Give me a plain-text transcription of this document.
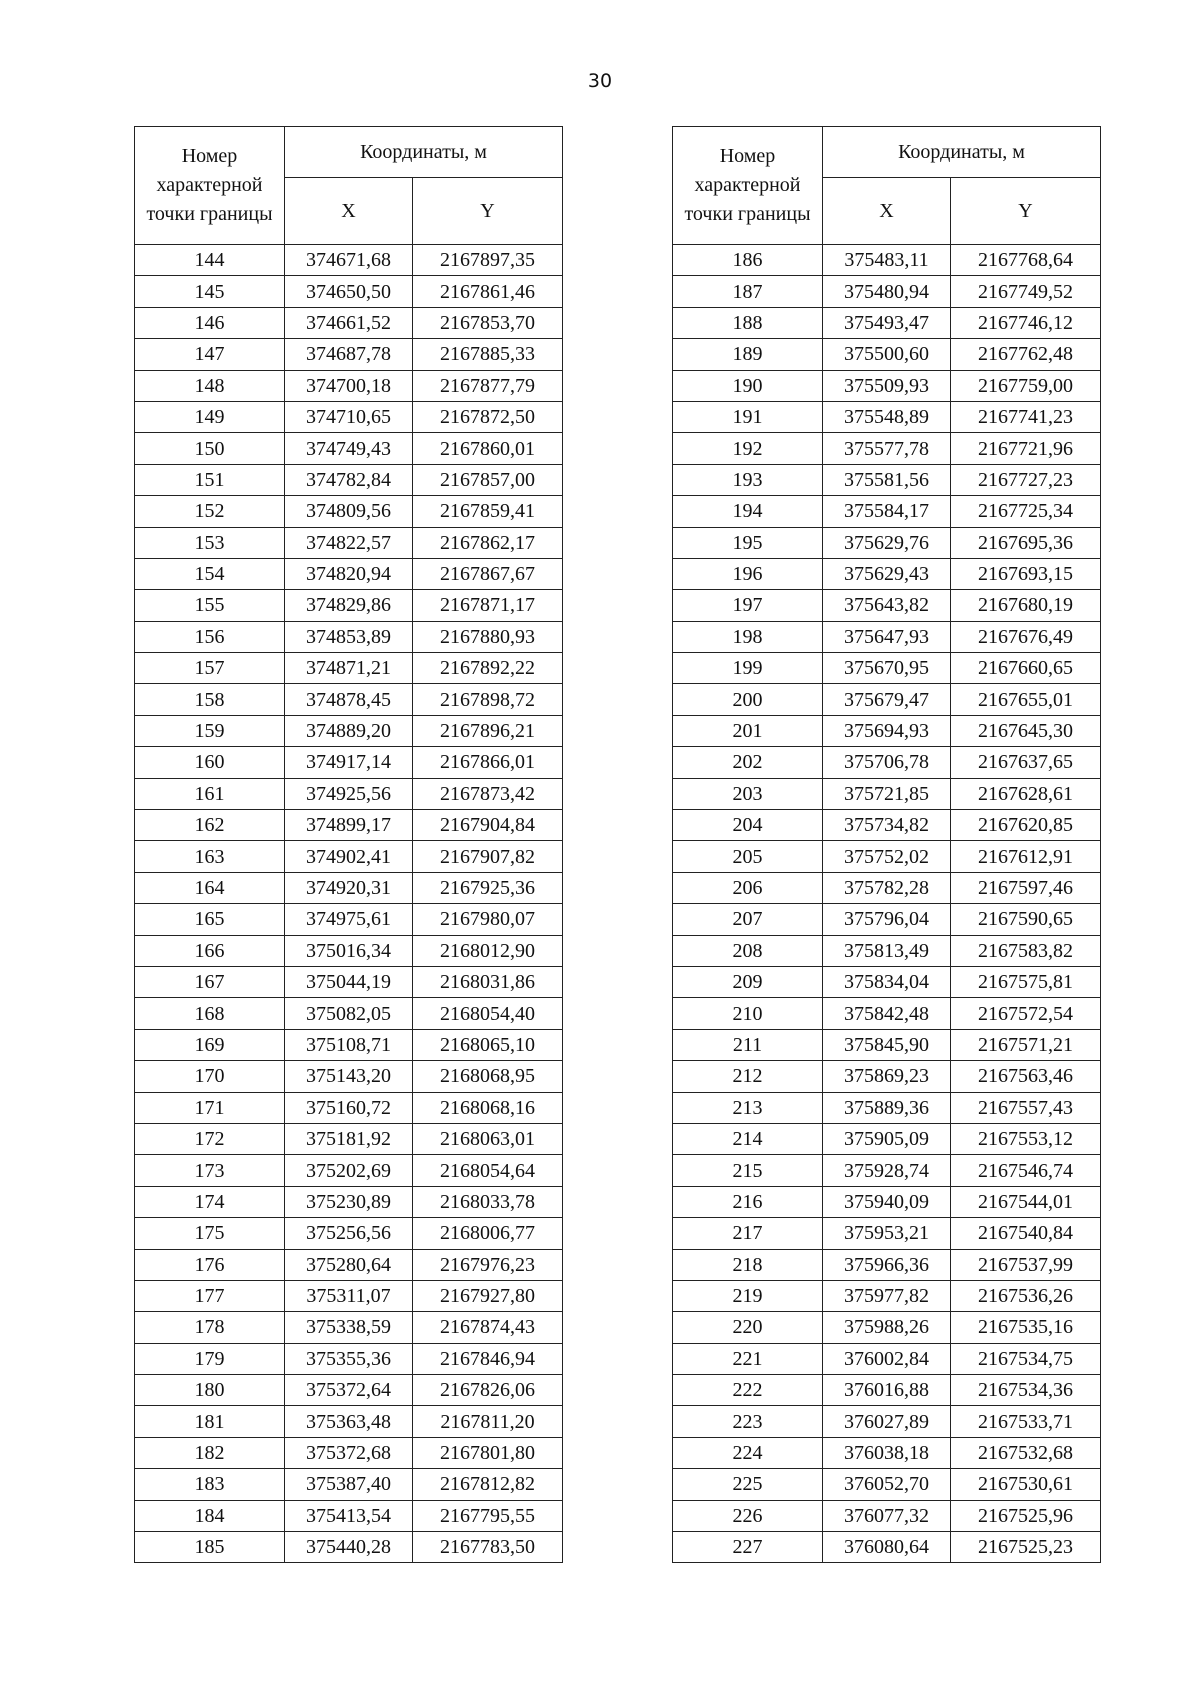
30
Номер характерной точки границы	Координаты, м	
	X	Y
144	374671,68	2167897,35
145	374650,50	2167861,46
146	374661,52	2167853,70
147	374687,78	2167885,33
148	374700,18	2167877,79
149	374710,65	2167872,50
150	374749,43	2167860,01
151	374782,84	2167857,00
152	374809,56	2167859,41
153	374822,57	2167862,17
154	374820,94	2167867,67
155	374829,86	2167871,17
156	374853,89	2167880,93
157	374871,21	2167892,22
158	374878,45	2167898,72
159	374889,20	2167896,21
160	374917,14	2167866,01
161	374925,56	2167873,42
162	374899,17	2167904,84
163	374902,41	2167907,82
164	374920,31	2167925,36
165	374975,61	2167980,07
166	375016,34	2168012,90
167	375044,19	2168031,86
168	375082,05	2168054,40
169	375108,71	2168065,10
170	375143,20	2168068,95
171	375160,72	2168068,16
172	375181,92	2168063,01
173	375202,69	2168054,64
174	375230,89	2168033,78
175	375256,56	2168006,77
176	375280,64	2167976,23
177	375311,07	2167927,80
178	375338,59	2167874,43
179	375355,36	2167846,94
180	375372,64	2167826,06
181	375363,48	2167811,20
182	375372,68	2167801,80
183	375387,40	2167812,82
184	375413,54	2167795,55
185	375440,28	2167783,50
Номер характерной точки границы	Координаты, м	
	X	Y
186	375483,11	2167768,64
187	375480,94	2167749,52
188	375493,47	2167746,12
189	375500,60	2167762,48
190	375509,93	2167759,00
191	375548,89	2167741,23
192	375577,78	2167721,96
193	375581,56	2167727,23
194	375584,17	2167725,34
195	375629,76	2167695,36
196	375629,43	2167693,15
197	375643,82	2167680,19
198	375647,93	2167676,49
199	375670,95	2167660,65
200	375679,47	2167655,01
201	375694,93	2167645,30
202	375706,78	2167637,65
203	375721,85	2167628,61
204	375734,82	2167620,85
205	375752,02	2167612,91
206	375782,28	2167597,46
207	375796,04	2167590,65
208	375813,49	2167583,82
209	375834,04	2167575,81
210	375842,48	2167572,54
211	375845,90	2167571,21
212	375869,23	2167563,46
213	375889,36	2167557,43
214	375905,09	2167553,12
215	375928,74	2167546,74
216	375940,09	2167544,01
217	375953,21	2167540,84
218	375966,36	2167537,99
219	375977,82	2167536,26
220	375988,26	2167535,16
221	376002,84	2167534,75
222	376016,88	2167534,36
223	376027,89	2167533,71
224	376038,18	2167532,68
225	376052,70	2167530,61
226	376077,32	2167525,96
227	376080,64	2167525,23
